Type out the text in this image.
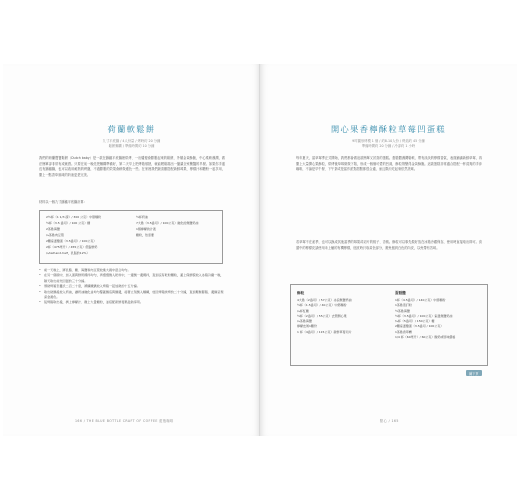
荷蘭軟鬆餅
九寸平底鍋 / 4人份量 / 烤時約 20 分鐘
鬆餅麵糊 / 準備時間約 10 分鐘
我們的荷蘭寶寶鬆餅（Dutch baby）是一款在鑄鐵平底鍋裡烘烤、一出爐便會膨脹起來的鬆餅，外層金黃酥脆，中心柔軟濕潤，做法簡單卻非常有成就感。只要在前一晚先把麵糊準備好，第二天早上把烤箱預熱，就能輕鬆端出一盤讓全家驚豔的早餐。如果你手邊沒有鑄鐵鍋，也可以改用耐熱的烤盤，不過膨脹的效果會稍微遜色一些。在家裡我們最喜歡搭配新鮮莓果、檸檬汁和糖粉一起享用，撒上一點香草風味的奶油更是完美。
材料以一個九寸鑄鐵平底鍋計算：
2½杯（1 1/3 磅）/ 300 公克）中筋麵粉
½杯（3.5 盎司）/ 100 公克）糖
2茶匙海鹽
¼茶匙肉豆蔻
2顆室溫雞蛋（3.5盎司）/ 100公克）
2杯（475毫升）/ 455公克）低脂鮮奶
¼half-and-half，乳脂約12%）
½杯奶油
7大匙（3.5盎司）/ 100公克）融化的無鹽奶油
1個檸檬的汁液
糖粉，依需要
• 前一天晚上，將乳酪、糖、海鹽和肉豆蔻放進大碗中混合均勻。
• 在另一個碗中，加入蛋與鮮奶攪拌均勻，再慢慢倒入乾料中，一邊倒一邊攪拌，直到沒有乾粉顆粒，蓋上保鮮膜放入冰箱冷藏一晚，隔天取出前先回溫約三十分鐘。
• 預熱烤箱至攝氏二百二十度，將鑄鐵鍋放入烤箱一起加熱約十五分鐘。
• 取出熱鍋後放入奶油，讓奶油融化並均勻覆蓋鍋底與鍋邊，接著立刻倒入麵糊，放回烤箱烘烤約二十分鐘，直到鬆餅膨脹、邊緣呈現深金黃色。
• 從烤箱取出後，擠上檸檬汁、撒上大量糖粉，並搭配新鮮莓果趁熱享用。
166 ∕ THE BLUE BOTTLE CRAFT OF COFFEE 藍瓶咖啡
開心果香檸酥粒草莓凹蛋糕
9吋圓形烤模 1 個 / 約8-10人份 / 烤焙約 45 分鐘
準備時間約 20 分鐘 / 冷卻約 1 小時
每年夏天，當草莓季正式開始，我們都會做這款簡單又討喜的蛋糕。蛋糕體濕潤鬆軟，帶有淡淡的檸檬香氣，表面鋪滿新鮮草莓，再撒上大量開心果酥粒，烘烤後草莓微微下陷，形成一個個可愛的凹洞，酥粒則變得金黃酥脆。這款蛋糕非常適合搭配一杯清爽的手沖咖啡，不論是早午餐、下午茶或是當作派對甜點都很合適，而且隔天吃起來依然美味。
若草莓不在產季，也可以換成其他當季的莓果或切片的桃子、杏桃。酥粒可以事先做好放在冰箱冷藏保存，使用時直接取出即可。食譜中的檸檬皮請使用未上蠟的有機檸檬，刨皮時只取黃色部分，避免刨到白色的內皮，以免帶有苦味。
酥粒
4大匙（2盎司）/ 57公克）冰涼無鹽奶油
½杯（1.5盎司）/ 40公克）中筋麵粉
¼杯紅糖
½杯（2盎司）/ 55公克）去殼開心果
¼茶匙海鹽
檸檬皮屑1顆份
1 杯（4盎司）/ 115公克）新鮮草莓切片
蛋糕體
1杯（4.5盎司）/ 140公克）中筋麵粉
1茶匙泡打粉
½茶匙海鹽
½杯（3.5盎司）/ 100公克）室溫無鹽奶油
¾杯（5盎司）/ 150公克）糖
2顆室溫雞蛋（3.5盎司 / 100公克）
1茶匙香草精
1/4 杯（60毫升）/ 60公克）酸奶或原味優格
續下頁
點心 ∕ 165
